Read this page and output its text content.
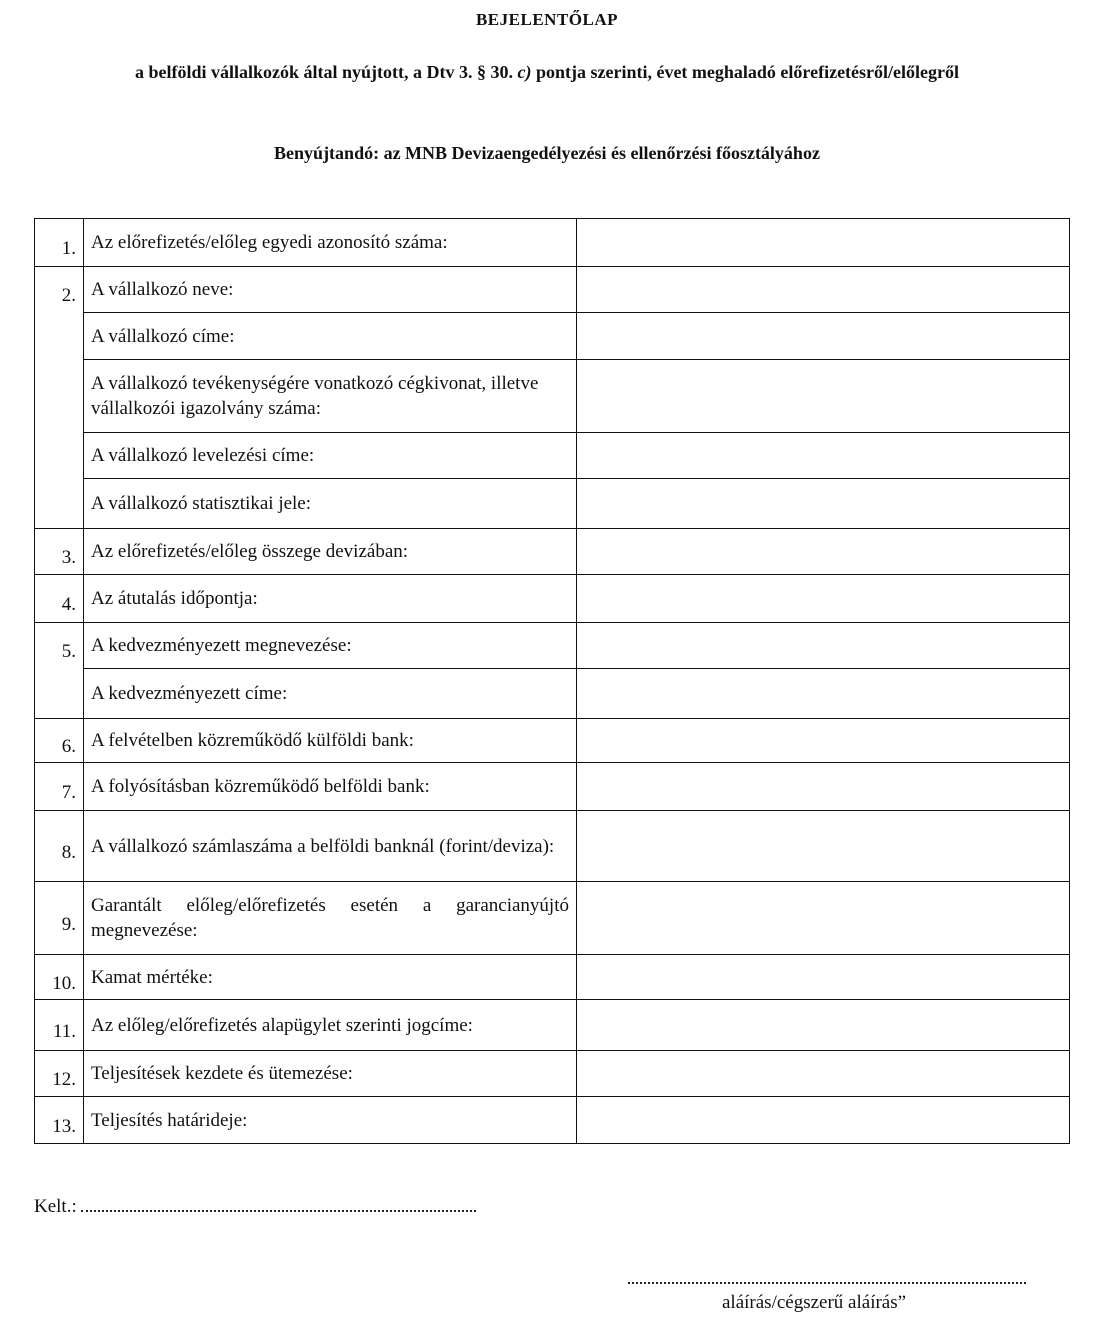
BEJELENTŐLAP
a belföldi vállalkozók által nyújtott, a Dtv 3. § 30. c) pontja szerinti, évet meghaladó előrefizetésről/előlegről
Benyújtandó: az MNB Devizaengedélyezési és ellenőrzési főosztályához
1.	Az előrefizetés/előleg egyedi azonosító száma:	
2.	A vállalkozó neve:	
	A vállalkozó címe:	
	A vállalkozó tevékenységére vonatkozó cégkivonat, illetve vállalkozói igazolvány száma:	
	A vállalkozó levelezési címe:	
	A vállalkozó statisztikai jele:	
3.	Az előrefizetés/előleg összege devizában:	
4.	Az átutalás időpontja:	
5.	A kedvezményezett megnevezése:	
	A kedvezményezett címe:	
6.	A felvételben közreműködő külföldi bank:	
7.	A folyósításban közreműködő belföldi bank:	
8.	A vállalkozó számlaszáma a belföldi banknál (forint/deviza):	
9.	Garantált előleg/előrefizetés esetén a garancianyújtó megnevezése:	
10.	Kamat mértéke:	
11.	Az előleg/előrefizetés alapügylet szerinti jogcíme:	
12.	Teljesítések kezdete és ütemezése:	
13.	Teljesítés határideje:	
Kelt.:
aláírás/cégszerű aláírás”
